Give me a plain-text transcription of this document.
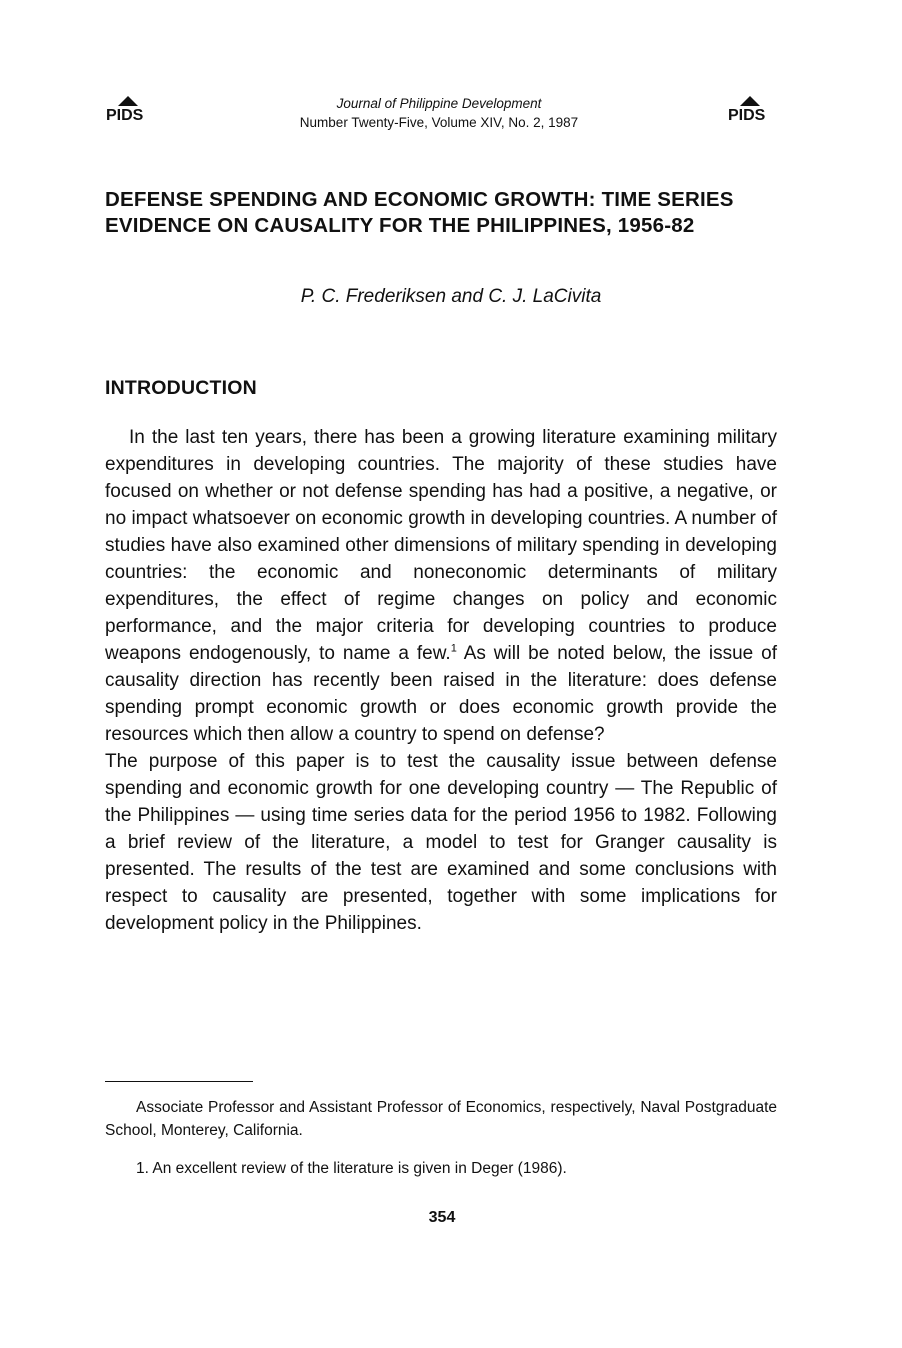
PIDS
Journal of Philippine Development
Number Twenty-Five, Volume XIV, No. 2, 1987	PIDS
DEFENSE SPENDING AND ECONOMIC GROWTH: TIME SERIES
EVIDENCE ON CAUSALITY FOR THE PHILIPPINES, 1956-82
P. C. Frederiksen and C. J. LaCivita
INTRODUCTION

In the last ten years, there has been a growing literature examining military expenditures in developing countries. The majority of these studies have focused on whether or not defense spending has had a positive, a negative, or no impact whatsoever on economic growth in developing countries. A number of studies have also examined other dimensions of military spending in developing countries: the economic and noneconomic determinants of military expenditures, the effect of regime changes on policy and economic performance, and the major criteria for developing countries to produce weapons endogenously, to name a few.$^1$ As will be noted below, the issue of causality direction has recently been raised in the literature: does defense spending prompt economic growth or does economic growth provide the resources which then allow a country to spend on defense?

The purpose of this paper is to test the causality issue between defense spending and economic growth for one developing country — The Republic of the Philippines — using time series data for the period 1956 to 1982. Following a brief review of the literature, a model to test for Granger causality is presented. The results of the test are examined and some conclusions with respect to causality are presented, together with some implications for development policy in the Philippines.

Associate Professor and Assistant Professor of Economics, respectively, Naval Postgraduate School, Monterey, California.
1. An excellent review of the literature is given in Deger (1986).
354
